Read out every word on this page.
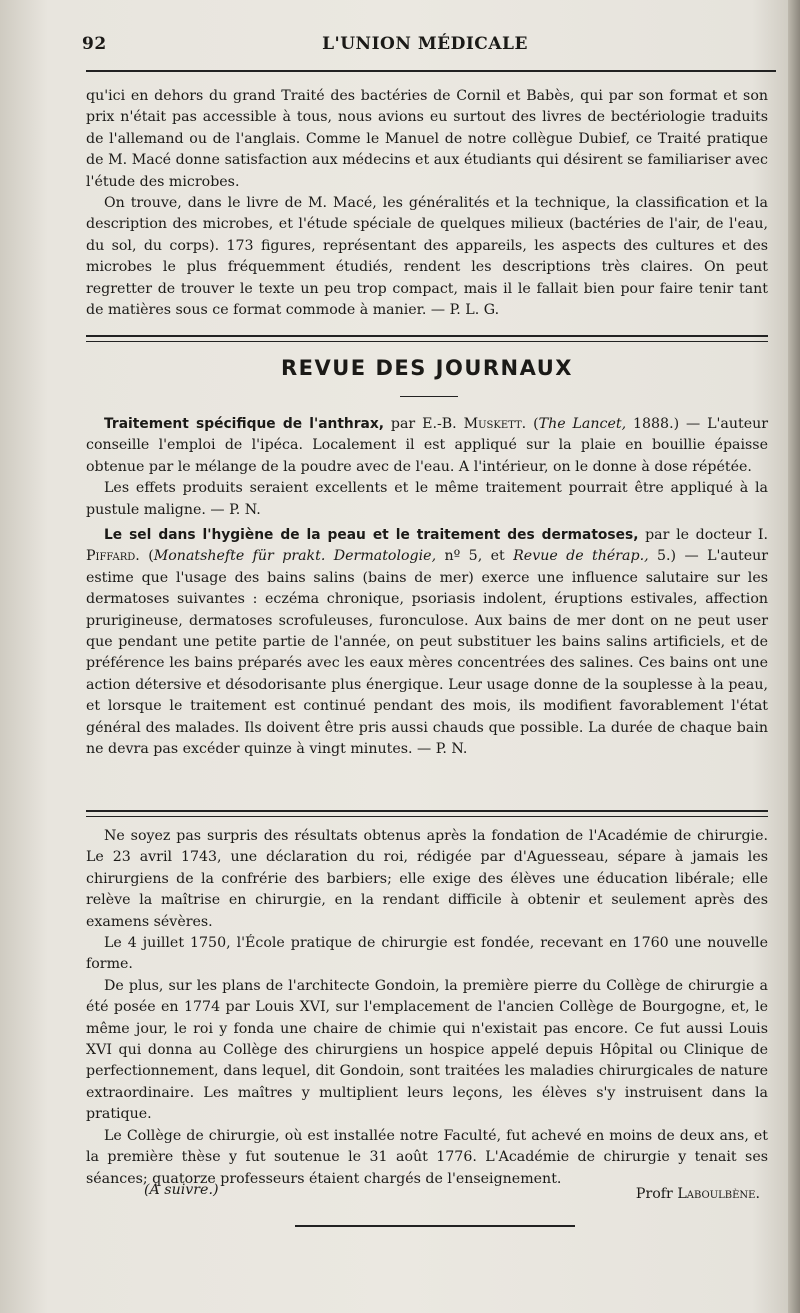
92	L'UNION MÉDICALE

qu'ici en dehors du grand Traité des bactéries de Cornil et Babès, qui par son format et son prix n'était pas accessible à tous, nous avions eu surtout des livres de bectériologie traduits de l'allemand ou de l'anglais. Comme le Manuel de notre collègue Dubief, ce Traité pratique de M. Macé donne satisfaction aux médecins et aux étudiants qui désirent se familiariser avec l'étude des microbes.

On trouve, dans le livre de M. Macé, les généralités et la technique, la classification et la description des microbes, et l'étude spéciale de quelques milieux (bactéries de l'air, de l'eau, du sol, du corps). 173 figures, représentant des appareils, les aspects des cultures et des microbes le plus fréquemment étudiés, rendent les descriptions très claires. On peut regretter de trouver le texte un peu trop compact, mais il le fallait bien pour faire tenir tant de matières sous ce format commode à manier. — P. L. G.

REVUE DES JOURNAUX

Traitement spécifique de l'anthrax, par E.-B. Muskett. (The Lancet, 1888.) — L'auteur conseille l'emploi de l'ipéca. Localement il est appliqué sur la plaie en bouillie épaisse obtenue par le mélange de la poudre avec de l'eau. A l'intérieur, on le donne à dose répétée.

Les effets produits seraient excellents et le même traitement pourrait être appliqué à la pustule maligne. — P. N.

Le sel dans l'hygiène de la peau et le traitement des dermatoses, par le docteur I. Piffard. (Monatshefte für prakt. Dermatologie, nº 5, et Revue de thérap., 5.) — L'auteur estime que l'usage des bains salins (bains de mer) exerce une influence salutaire sur les dermatoses suivantes : eczéma chronique, psoriasis indolent, éruptions estivales, affection prurigineuse, dermatoses scrofuleuses, furonculose. Aux bains de mer dont on ne peut user que pendant une petite partie de l'année, on peut substituer les bains salins artificiels, et de préférence les bains préparés avec les eaux mères concentrées des salines. Ces bains ont une action détersive et désodorisante plus énergique. Leur usage donne de la souplesse à la peau, et lorsque le traitement est continué pendant des mois, ils modifient favorablement l'état général des malades. Ils doivent être pris aussi chauds que possible. La durée de chaque bain ne devra pas excéder quinze à vingt minutes. — P. N.

Ne soyez pas surpris des résultats obtenus après la fondation de l'Académie de chirurgie. Le 23 avril 1743, une déclaration du roi, rédigée par d'Aguesseau, sépare à jamais les chirurgiens de la confrérie des barbiers; elle exige des élèves une éducation libérale; elle relève la maîtrise en chirurgie, en la rendant difficile à obtenir et seulement après des examens sévères.

Le 4 juillet 1750, l'École pratique de chirurgie est fondée, recevant en 1760 une nouvelle forme.

De plus, sur les plans de l'architecte Gondoin, la première pierre du Collège de chirurgie a été posée en 1774 par Louis XVI, sur l'emplacement de l'ancien Collège de Bourgogne, et, le même jour, le roi y fonda une chaire de chimie qui n'existait pas encore. Ce fut aussi Louis XVI qui donna au Collège des chirurgiens un hospice appelé depuis Hôpital ou Clinique de perfectionnement, dans lequel, dit Gondoin, sont traitées les maladies chirurgicales de nature extraordinaire. Les maîtres y multiplient leurs leçons, les élèves s'y instruisent dans la pratique.

Le Collège de chirurgie, où est installée notre Faculté, fut achevé en moins de deux ans, et la première thèse y fut soutenue le 31 août 1776. L'Académie de chirurgie y tenait ses séances; quatorze professeurs étaient chargés de l'enseignement.

(A suivre.)	Profr Laboulbène.
